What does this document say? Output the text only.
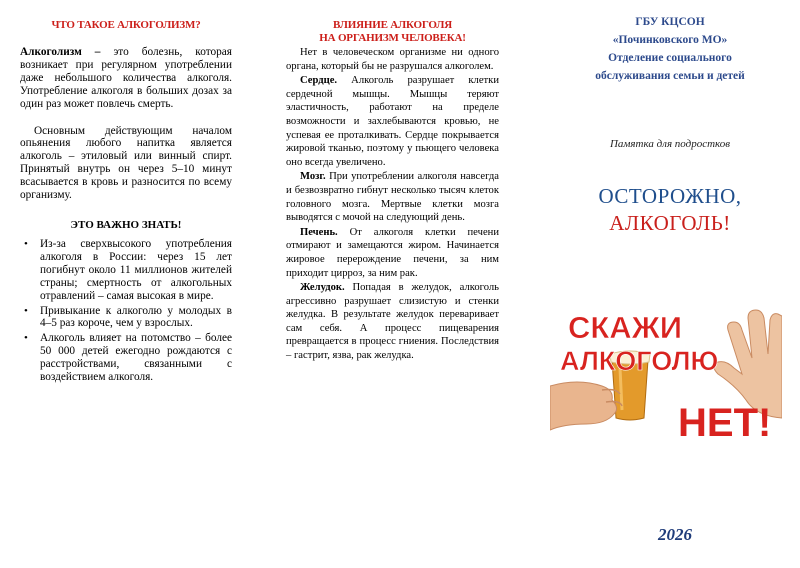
ЧТО ТАКОЕ АЛКОГОЛИЗМ?

Алкоголизм – это болезнь, которая возникает при регулярном употреблении даже небольшого количества алкоголя. Употребление алкоголя в больших дозах за один раз может повлечь смерть.

Основным действующим началом опьянения любого напитка является алкоголь – этиловый или винный спирт. Принятый внутрь он через 5–10 минут всасывается в кровь и разносится по всему организму.

ЭТО ВАЖНО ЗНАТЬ!
• Из-за сверхвысокого употребления алкоголя в России: через 15 лет погибнут около 11 миллионов жителей страны; смертность от алкогольных отравлений – самая высокая в мире.
• Привыкание к алкоголю у молодых в 4–5 раз короче, чем у взрослых.
• Алкоголь влияет на потомство – более 50 000 детей ежегодно рождаются с расстройствами, связанными с воздействием алкоголя.
ВЛИЯНИЕ АЛКОГОЛЯ
НА ОРГАНИЗМ ЧЕЛОВЕКА!

Нет в человеческом организме ни одного органа, который бы не разрушался алкоголем.

Сердце. Алкоголь разрушает клетки сердечной мышцы. Мышцы теряют эластичность, работают на пределе возможности и захлебываются кровью, не успевая ее проталкивать. Сердце покрывается жировой тканью, поэтому у пьющего человека оно всегда увеличено.

Мозг. При употреблении алкоголя навсегда и безвозвратно гибнут несколько тысяч клеток головного мозга. Мертвые клетки мозга выводятся с мочой на следующий день.

Печень. От алкоголя клетки печени отмирают и замещаются жиром. Начинается жировое перерождение печени, за ним приходит цирроз, за ним рак.

Желудок. Попадая в желудок, алкоголь агрессивно разрушает слизистую и стенки желудка. В результате желудок переваривает сам себя. А процесс пищеварения превращается в процесс гниения. Последствия – гастрит, язва, рак желудка.

ГБУ КЦСОН
«Починковского МО»
Отделение социального
обслуживания семьи и детей
Памятка для подростков
ОСТОРОЖНО,
АЛКОГОЛЬ!
СКАЖИ
АЛКОГОЛЮ
НЕТ!
2026
